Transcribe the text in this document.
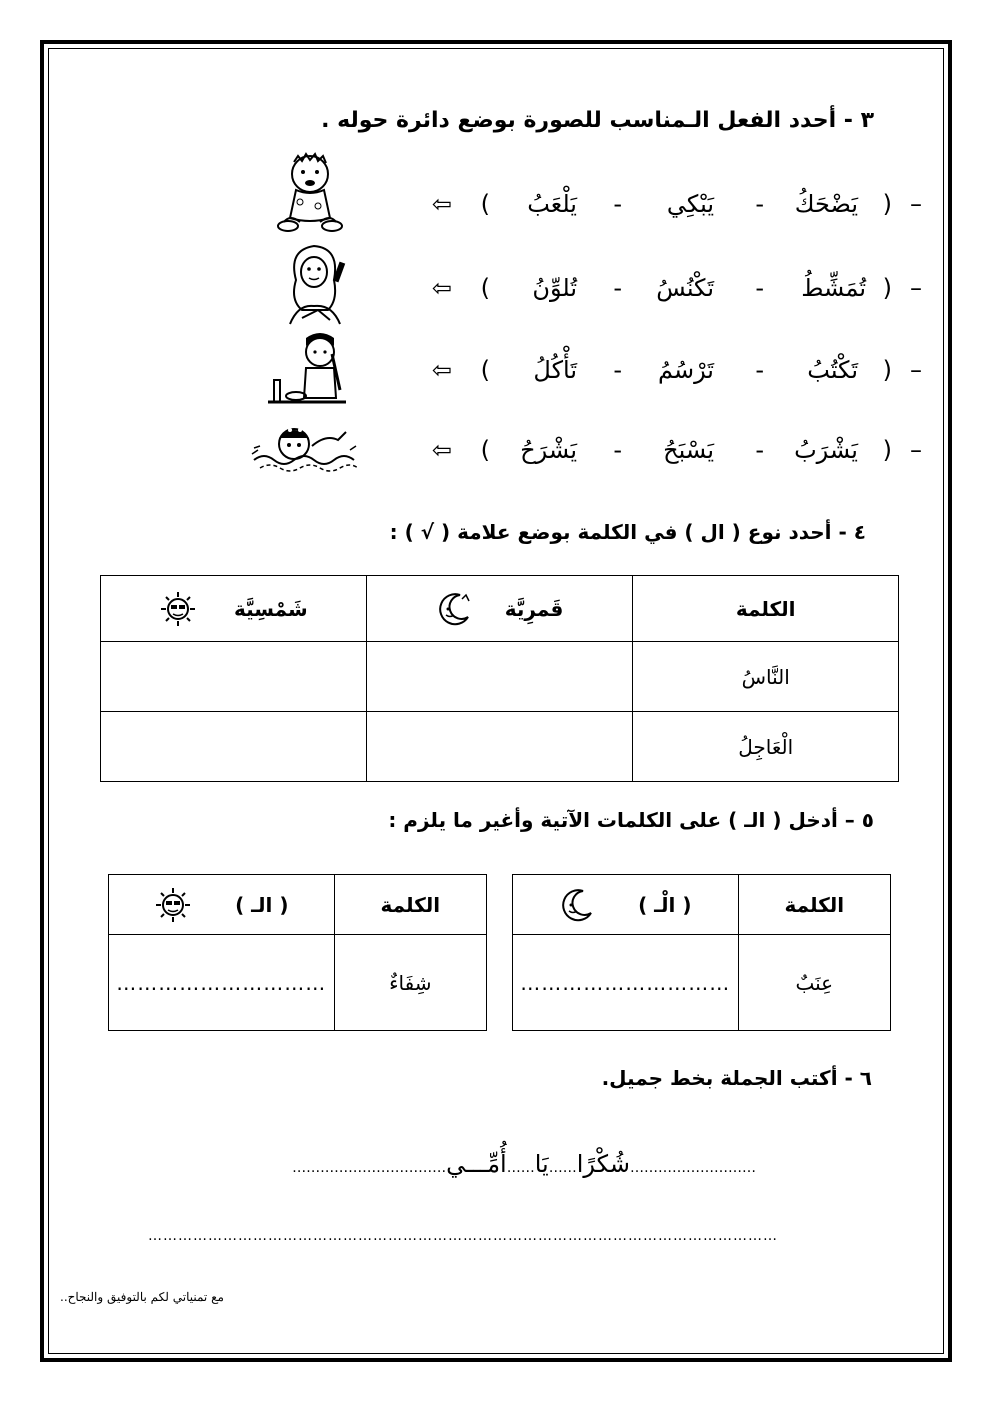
٣ - أحدد الفعل الـمناسب للصورة بوضع دائرة حوله .
–
(
يَضْحَكُ
-
يَبْكِي
-
يَلْعَبُ
)
⇦
–
(
تُمَشِّطُ
-
تَكْنُسُ
-
تُلوِّنُ
)
⇦
–
(
تَكْتُبُ
-
تَرْسُمُ
-
تَأْكُلُ
)
⇦
–
(
يَشْرَبُ
-
يَسْبَحُ
-
يَشْرَحُ
)
⇦
٤ - أحدد نوع ( ال ) في الكلمة بوضع علامة ( √ ) :
الكلمة	قَمرِيَّة	شَمْسِيَّة

النَّاسُ		
الْعَاجِلُ		
٥ – أدخل ( الـ ) على الكلمات الآتية وأغير ما يلزم :
الكلمة	( الْـ )

عِنَبٌ	…………………………
الكلمة	( الـ )

شِفَاءٌ	…………………………
٦ - أكتب الجملة بخط جميل.
………………………شُكْرًا……يَا……أُمِّـــي……………………………
………………………………………………………………………………………………………………
مع تمنياتي لكم بالتوفيق والنجاح..
